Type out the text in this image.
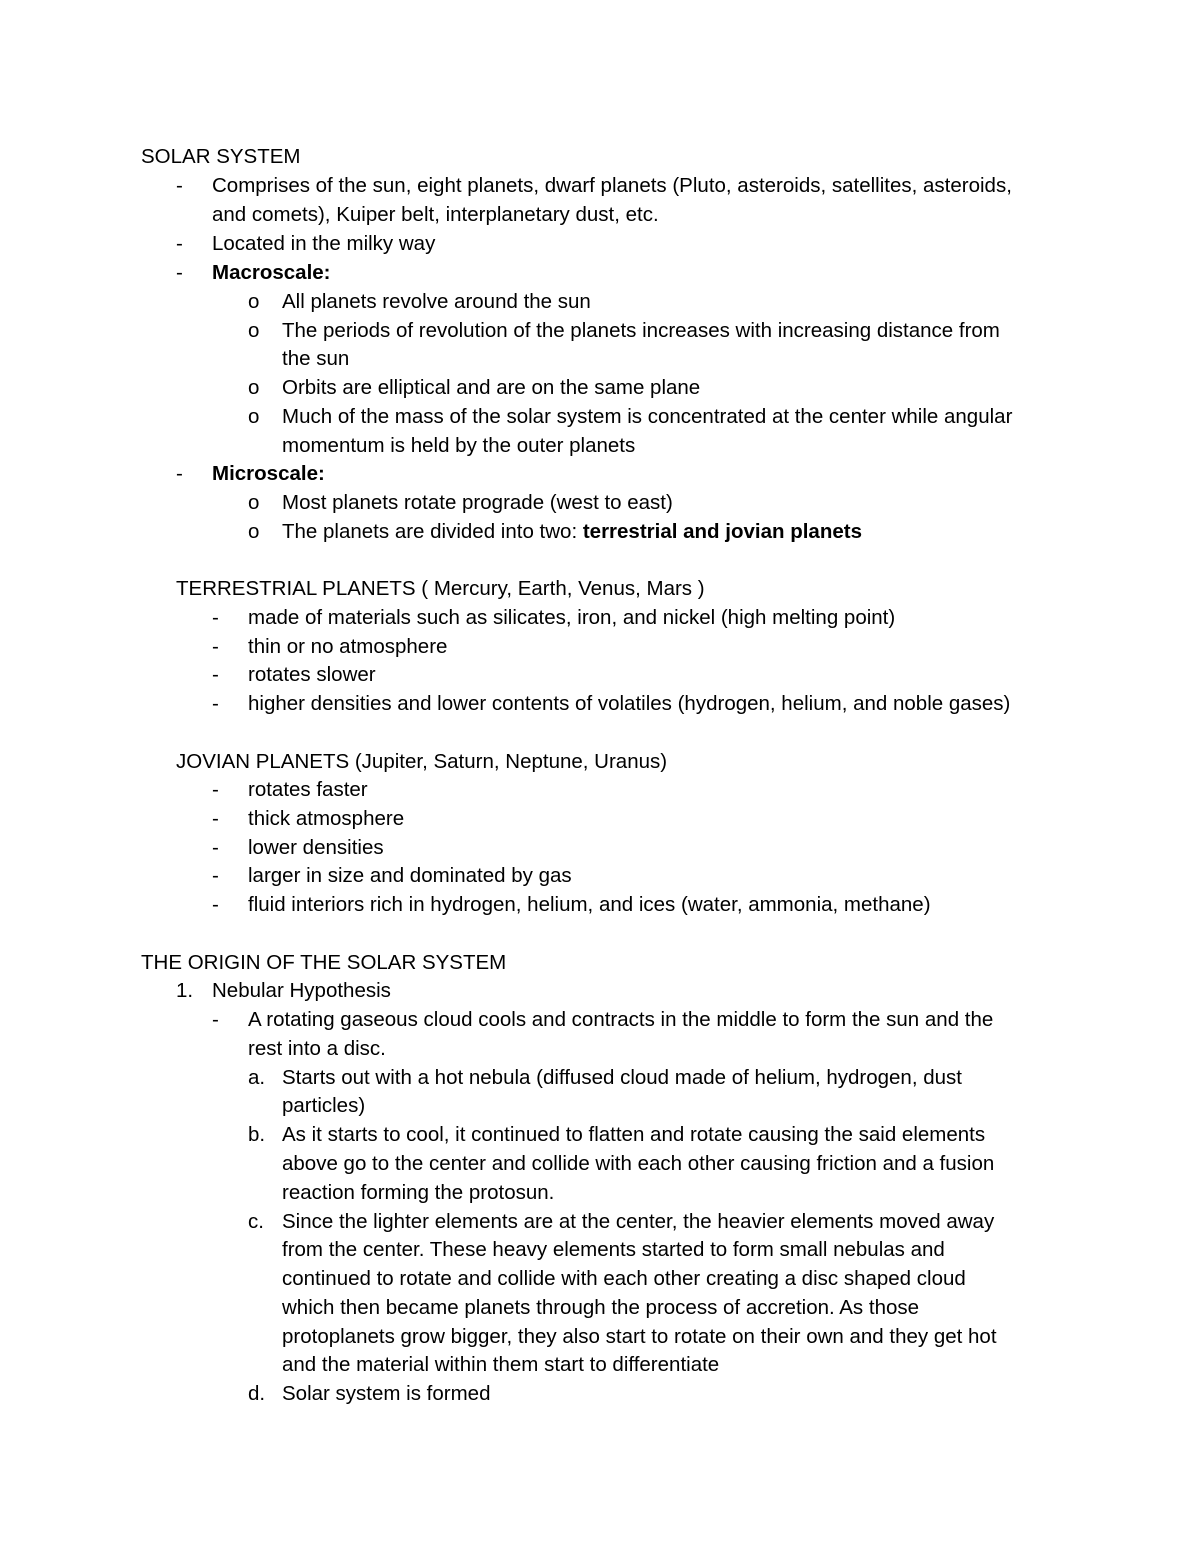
SOLAR SYSTEM
- Comprises of the sun, eight planets, dwarf planets (Pluto, asteroids, satellites, asteroids,
and comets), Kuiper belt, interplanetary dust, etc.
- Located in the milky way
- Macroscale:
o All planets revolve around the sun
o The periods of revolution of the planets increases with increasing distance from
the sun
o Orbits are elliptical and are on the same plane
o Much of the mass of the solar system is concentrated at the center while angular
momentum is held by the outer planets
- Microscale:
o Most planets rotate prograde (west to east)
o The planets are divided into two: terrestrial and jovian planets
TERRESTRIAL PLANETS ( Mercury, Earth, Venus, Mars )
- made of materials such as silicates, iron, and nickel (high melting point)
- thin or no atmosphere
- rotates slower
- higher densities and lower contents of volatiles (hydrogen, helium, and noble gases)
JOVIAN PLANETS (Jupiter, Saturn, Neptune, Uranus)
- rotates faster
- thick atmosphere
- lower densities
- larger in size and dominated by gas
- fluid interiors rich in hydrogen, helium, and ices (water, ammonia, methane)
THE ORIGIN OF THE SOLAR SYSTEM
1. Nebular Hypothesis
- A rotating gaseous cloud cools and contracts in the middle to form the sun and the
rest into a disc.
a. Starts out with a hot nebula (diffused cloud made of helium, hydrogen, dust
particles)
b. As it starts to cool, it continued to flatten and rotate causing the said elements
above go to the center and collide with each other causing friction and a fusion
reaction forming the protosun.
c. Since the lighter elements are at the center, the heavier elements moved away
from the center. These heavy elements started to form small nebulas and
continued to rotate and collide with each other creating a disc shaped cloud
which then became planets through the process of accretion. As those
protoplanets grow bigger, they also start to rotate on their own and they get hot
and the material within them start to differentiate
d. Solar system is formed
